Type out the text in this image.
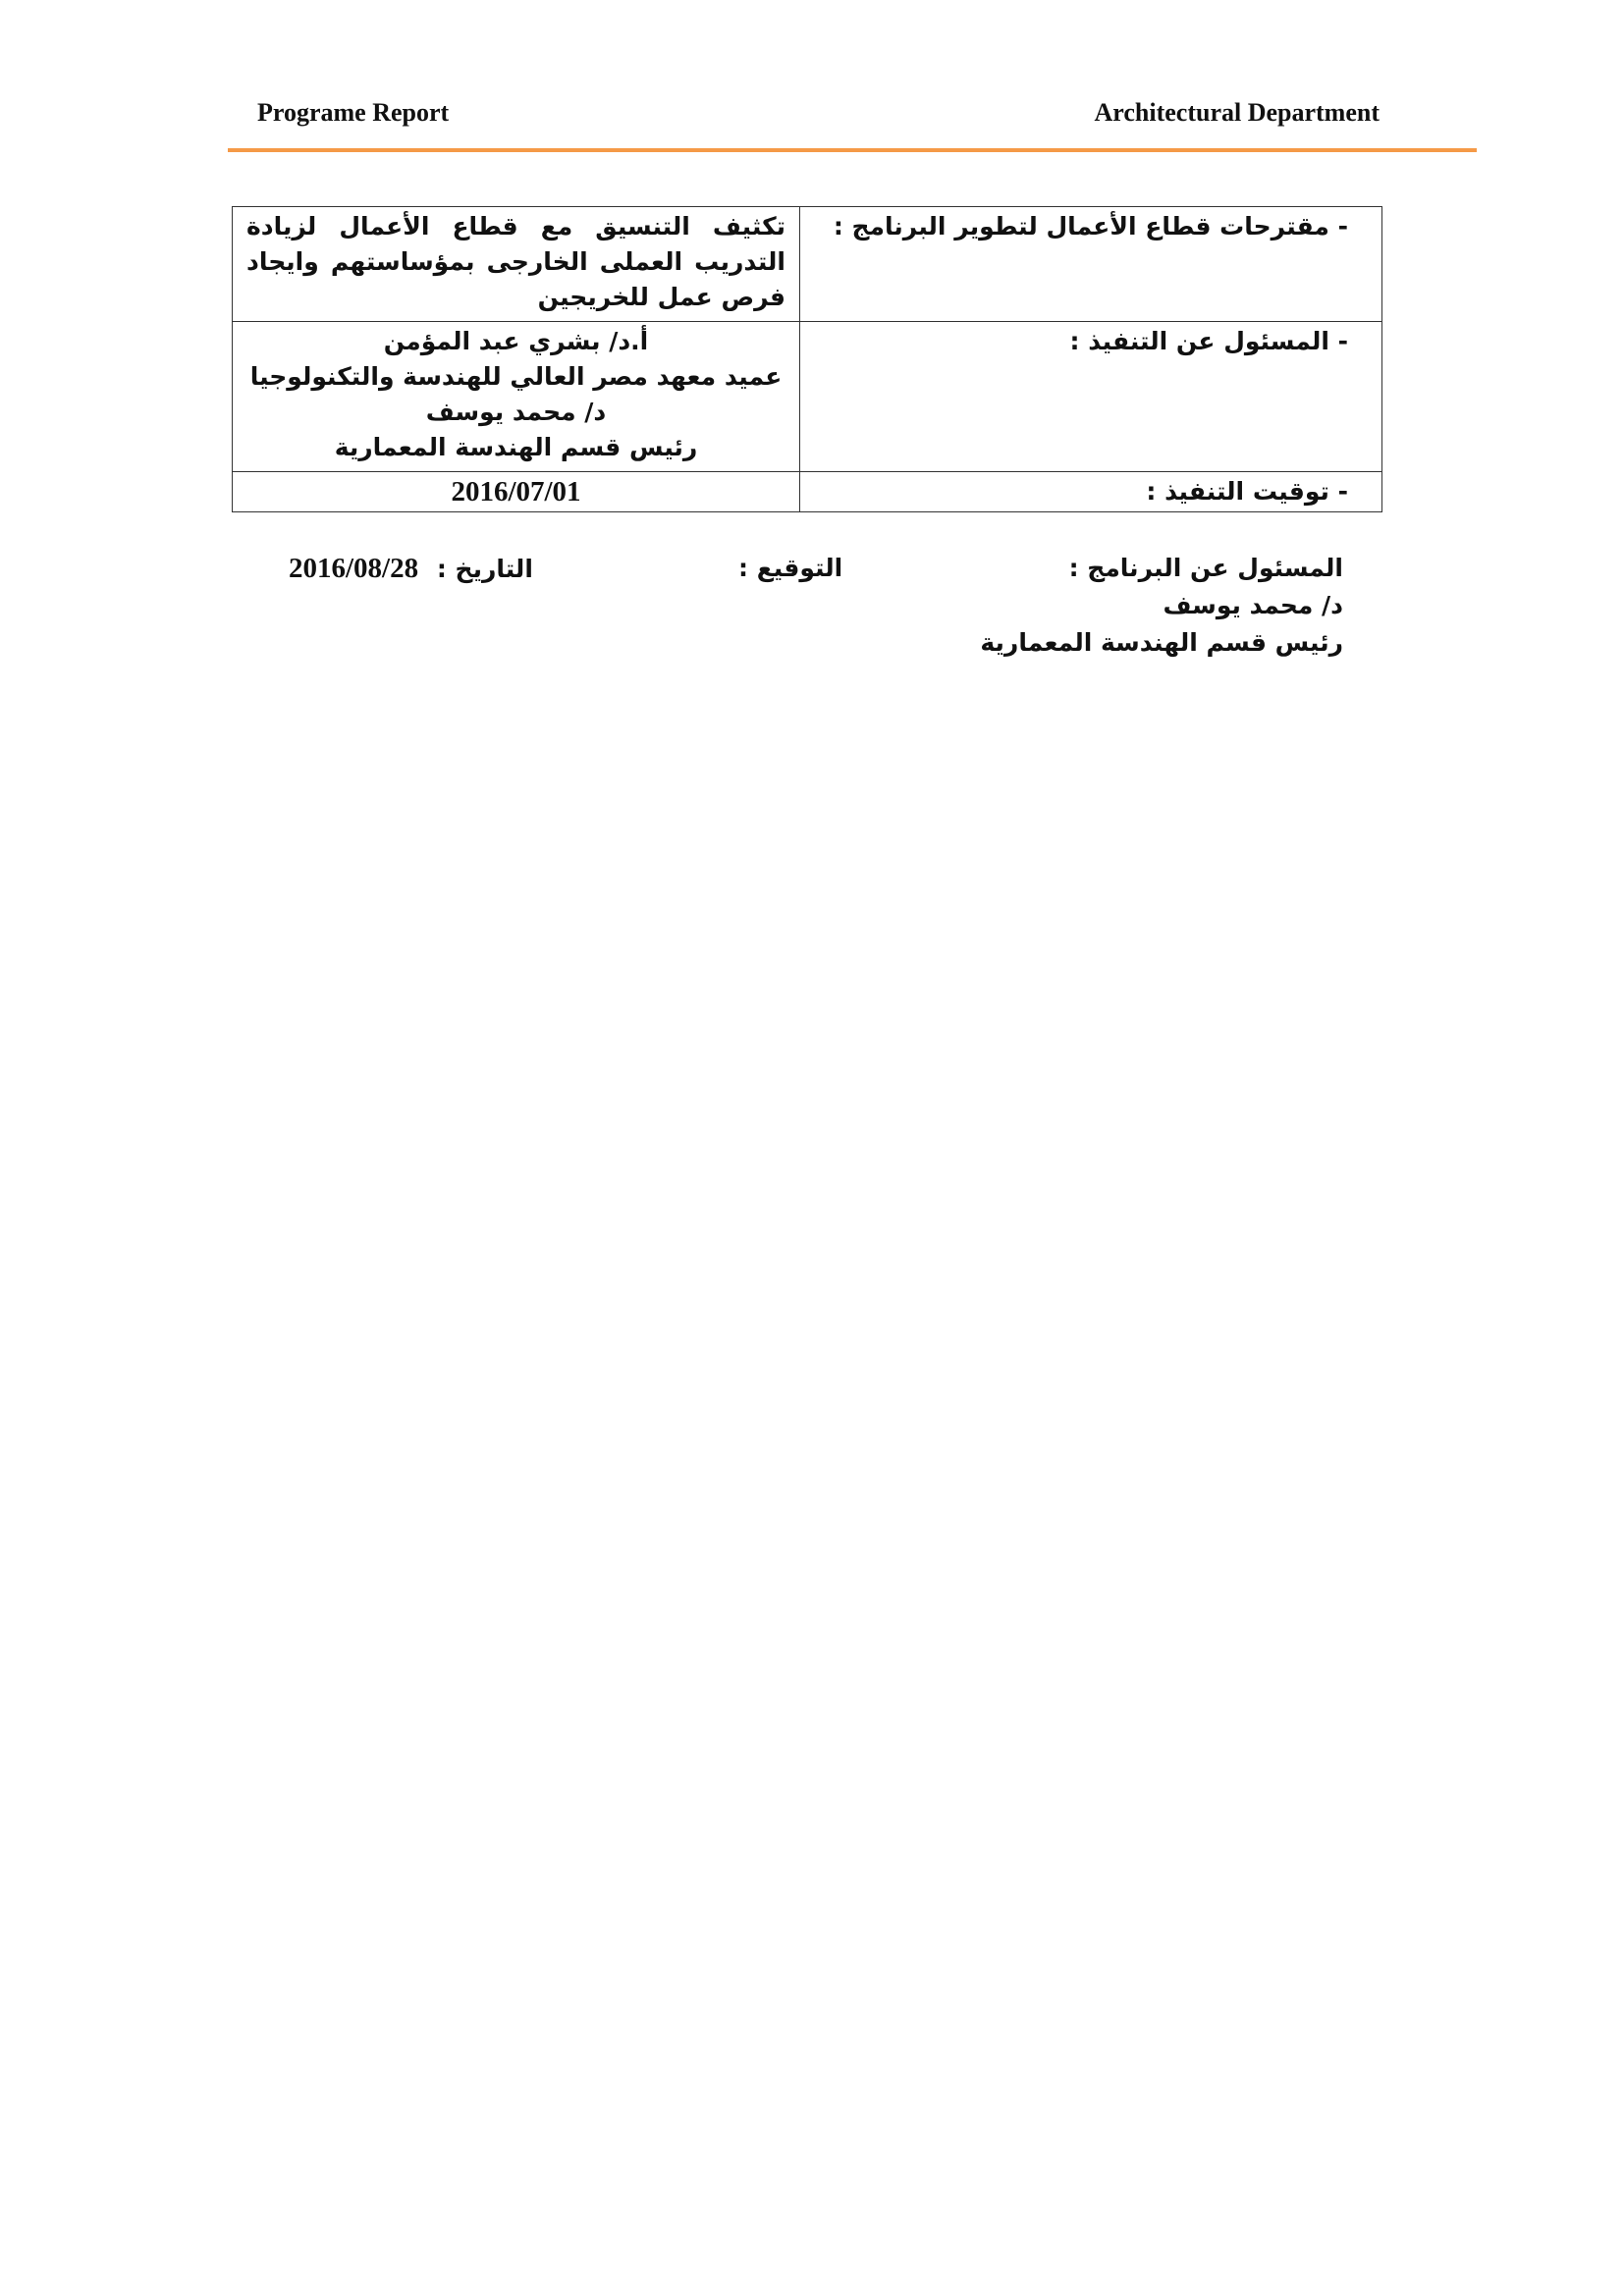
Programe Report	Architectural Department
- مقترحات قطاع الأعمال لتطوير البرنامج :	تكثيف التنسيق مع قطاع الأعمال لزيادة التدريب العملى الخارجى بمؤساستهم وايجاد فرص عمل للخريجين
- المسئول عن التنفيذ :	أ.د/ بشري عبد المؤمن
عميد معهد مصر العالي للهندسة والتكنولوجيا
د/ محمد يوسف
رئيس قسم الهندسة المعمارية

- توقيت التنفيذ :	2016/07/01
المسئول عن البرنامج :
د/ محمد يوسف
رئيس قسم الهندسة المعمارية
التوقيع :
2016/08/28 التاريخ :
